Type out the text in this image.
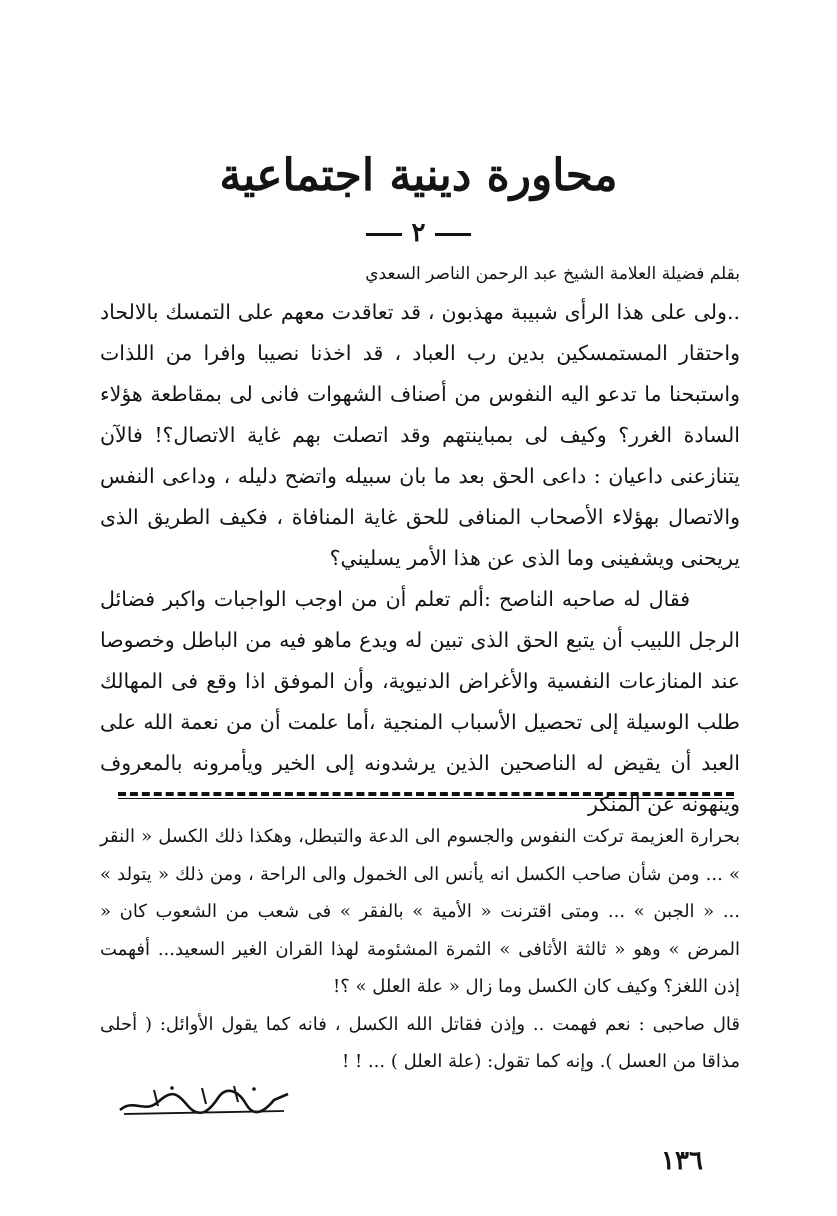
محاورة دينية اجتماعية
٢
بقلم فضيلة العلامة الشيخ عبد الرحمن الناصر السعدي

..ولى على هذا الرأى شبيبة مهذبون ، قد تعاقدت معهم على التمسك بالالحاد واحتقار المستمسكين بدين رب العباد ، قد اخذنا نصيبا وافرا من اللذات واستبحنا ما تدعو اليه النفوس من أصناف الشهوات فانى لى بمقاطعة هؤلاء السادة الغرر؟ وكيف لى بمباينتهم وقد اتصلت بهم غاية الاتصال؟! فالآن يتنازعنى داعيان : داعى الحق بعد ما بان سبيله واتضح دليله ، وداعى النفس والاتصال بهؤلاء الأصحاب المنافى للحق غاية المنافاة ، فكيف الطريق الذى يريحنى ويشفينى وما الذى عن هذا الأمر يسليني؟

فقال له صاحبه الناصح :ألم تعلم أن من اوجب الواجبات واكبر فضائل الرجل اللبيب أن يتبع الحق الذى تبين له ويدع ماهو فيه من الباطل وخصوصا عند المنازعات النفسية والأغراض الدنيوية، وأن الموفق اذا وقع فى المهالك طلب الوسيلة إلى تحصيل الأسباب المنجية ،أما علمت أن من نعمة الله على العبد أن يقيض له الناصحين الذين يرشدونه إلى الخير ويأمرونه بالمعروف وينهونه عن المنكر

بحرارة العزيمة تركت النفوس والجسوم الى الدعة والتبطل، وهكذا ذلك الكسل « النقر » ... ومن شأن صاحب الكسل انه يأنس الى الخمول والى الراحة ، ومن ذلك « يتولد » ... « الجبن » ... ومتى اقترنت « الأمية » بالفقر » فى شعب من الشعوب كان « المرض » وهو « ثالثة الأثافى » الثمرة المشئومة لهذا القران الغير السعيد... أفهمت إذن اللغز؟ وكيف كان الكسل وما زال « علة العلل » ؟!

قال صاحبى : نعم فهمت .. وإذن فقاتل الله الكسل ، فانه كما يقول الأوائل: ( أحلى مذاقا من العسل ). وإنه كما تقول: (علة العلل ) ... ! !

١٣٦
